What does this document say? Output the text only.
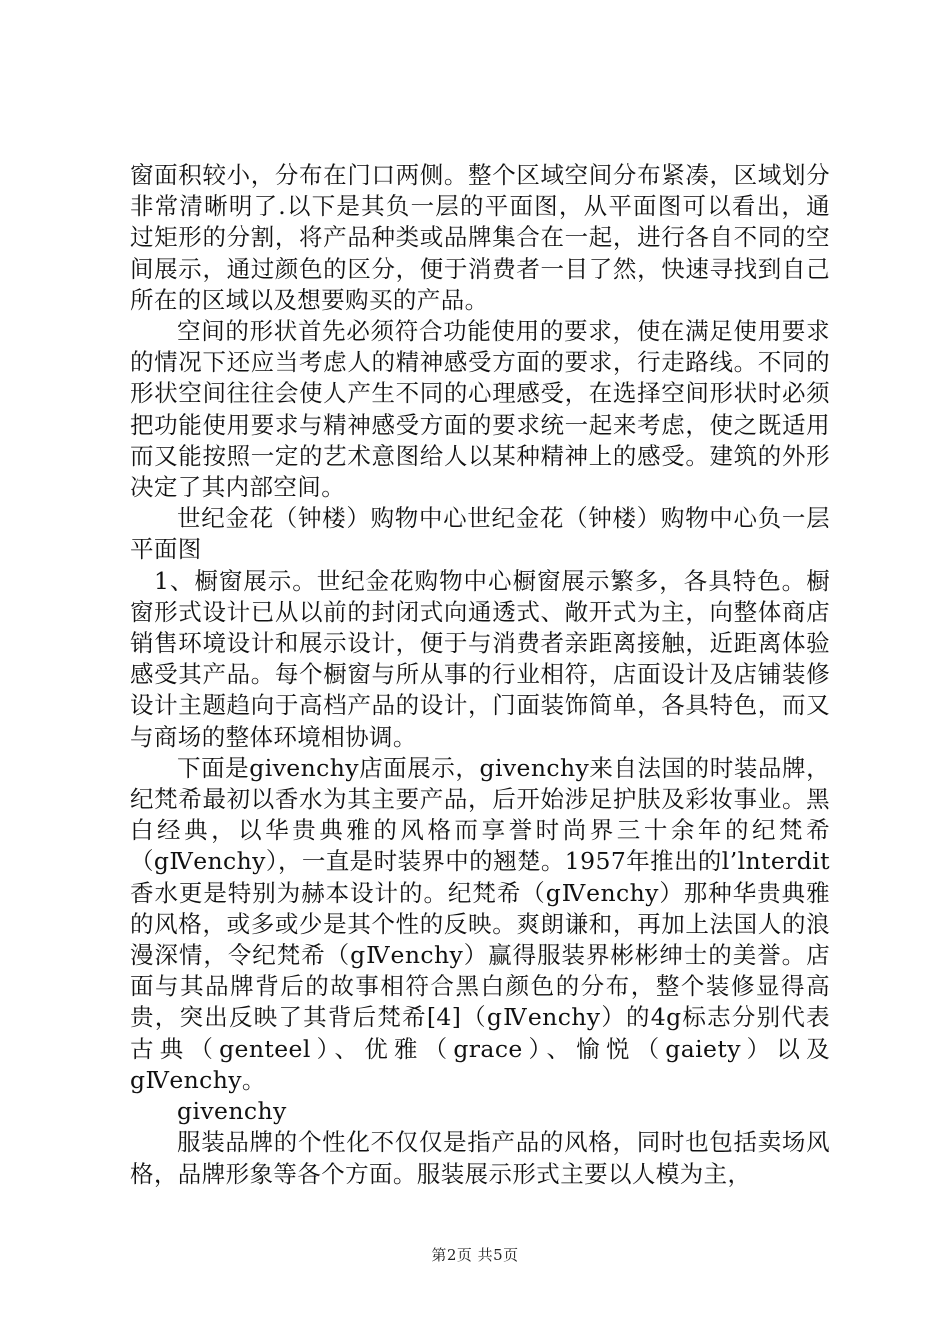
窗面积较小，分布在门口两侧。整个区域空间分布紧凑，区域划分非常清晰明了.以下是其负一层的平面图，从平面图可以看出，通过矩形的分割，将产品种类或品牌集合在一起，进行各自不同的空间展示，通过颜色的区分，便于消费者一目了然，快速寻找到自己所在的区域以及想要购买的产品。

空间的形状首先必须符合功能使用的要求，使在满足使用要求的情况下还应当考虑人的精神感受方面的要求，行走路线。不同的形状空间往往会使人产生不同的心理感受，在选择空间形状时必须把功能使用要求与精神感受方面的要求统一起来考虑，使之既适用而又能按照一定的艺术意图给人以某种精神上的感受。建筑的外形决定了其内部空间。

世纪金花（钟楼）购物中心世纪金花（钟楼）购物中心负一层平面图

1、橱窗展示。世纪金花购物中心橱窗展示繁多，各具特色。橱窗形式设计已从以前的封闭式向通透式、敞开式为主，向整体商店销售环境设计和展示设计，便于与消费者亲距离接触，近距离体验感受其产品。每个橱窗与所从事的行业相符，店面设计及店铺装修设计主题趋向于高档产品的设计，门面装饰简单，各具特色，而又与商场的整体环境相协调。

下面是givenchy店面展示，givenchy来自法国的时装品牌，纪梵希最初以香水为其主要产品，后开始涉足护肤及彩妆事业。黑白经典，以华贵典雅的风格而享誉时尚界三十余年的纪梵希（gⅣenchy），一直是时装界中的翘楚。1957年推出的l’lnterdit香水更是特别为赫本设计的。纪梵希（gⅣenchy）那种华贵典雅的风格，或多或少是其个性的反映。爽朗谦和，再加上法国人的浪漫深情，令纪梵希（gⅣenchy）赢得服装界彬彬绅士的美誉。店面与其品牌背后的故事相符合黑白颜色的分布，整个装修显得高贵，突出反映了其背后梵希[4]（gⅣenchy）的4g标志分别代表古典（genteel）、优雅（grace）、愉悦（gaiety）以及gⅣenchy。

givenchy

服装品牌的个性化不仅仅是指产品的风格，同时也包括卖场风格，品牌形象等各个方面。服装展示形式主要以人模为主，

第2页 共5页
